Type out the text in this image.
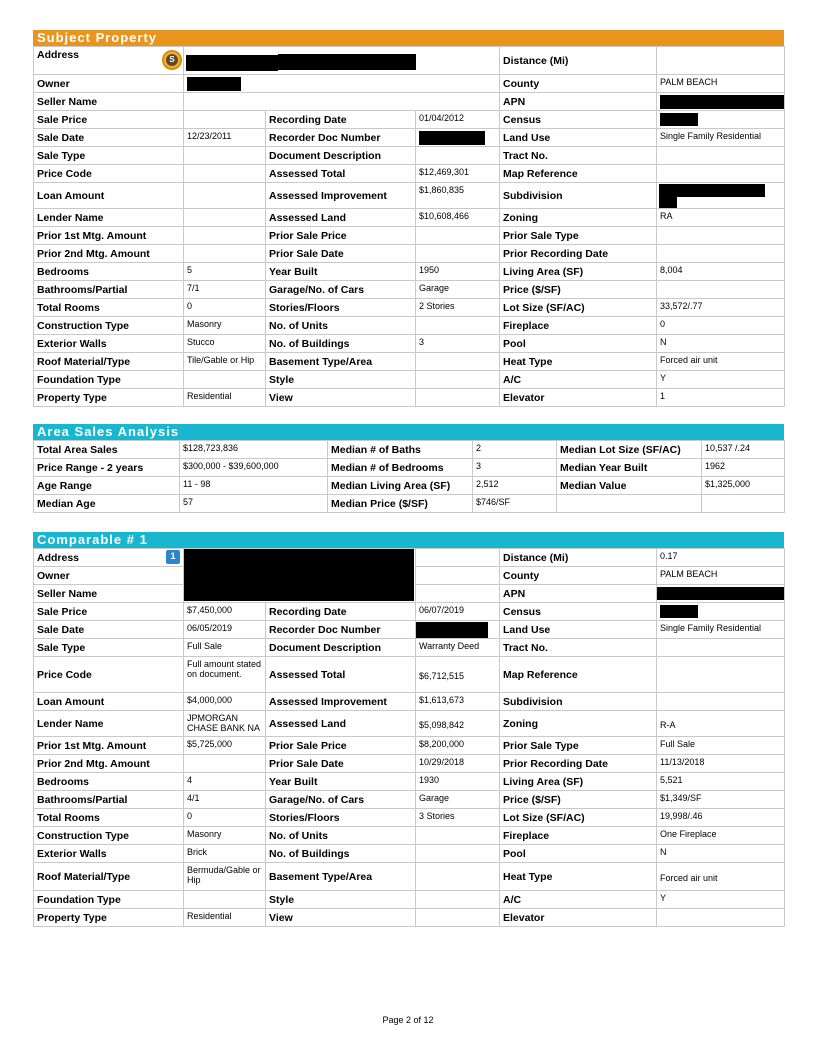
Subject Property
Address S				Distance (Mi)	
Owner				County	PALM BEACH
Seller Name				APN	
Sale Price		Recording Date	01/04/2012	Census	
Sale Date	12/23/2011	Recorder Doc Number		Land Use	Single Family Residential
Sale Type		Document Description		Tract No.	
Price Code		Assessed Total	$12,469,301	Map Reference	
Loan Amount		Assessed Improvement	$1,860,835	Subdivision	

Lender Name		Assessed Land	$10,608,466	Zoning	RA
Prior 1st Mtg. Amount		Prior Sale Price		Prior Sale Type	
Prior 2nd Mtg. Amount		Prior Sale Date		Prior Recording Date	
Bedrooms	5	Year Built	1950	Living Area (SF)	8,004
Bathrooms/Partial	7/1	Garage/No. of Cars	Garage	Price ($/SF)	
Total Rooms	0	Stories/Floors	2 Stories	Lot Size (SF/AC)	33,572/.77
Construction Type	Masonry	No. of Units		Fireplace	0
Exterior Walls	Stucco	No. of Buildings	3	Pool	N
Roof Material/Type	Tile/Gable or Hip	Basement Type/Area		Heat Type	Forced air unit
Foundation Type		Style		A/C	Y
Property Type	Residential	View		Elevator	1
Area Sales Analysis
Total Area Sales	$128,723,836	Median # of Baths	2	Median Lot Size (SF/AC)	10,537 /.24
Price Range - 2 years	$300,000 - $39,600,000	Median # of Bedrooms	3	Median Year Built	1962
Age Range	11 - 98	Median Living Area (SF)	2,512	Median Value	$1,325,000
Median Age	57	Median Price ($/SF)	$746/SF		
Comparable # 1
Address 1				Distance (Mi)	0.17
Owner				County	PALM BEACH
Seller Name				APN	
Sale Price	$7,450,000	Recording Date	06/07/2019	Census	
Sale Date	06/05/2019	Recorder Doc Number		Land Use	Single Family Residential
Sale Type	Full Sale	Document Description	Warranty Deed	Tract No.	
Price Code	Full amount stated on document.	Assessed Total	$6,712,515	Map Reference	
Loan Amount	$4,000,000	Assessed Improvement	$1,613,673	Subdivision	
Lender Name	JPMORGAN CHASE BANK NA	Assessed Land	$5,098,842	Zoning	R-A
Prior 1st Mtg. Amount	$5,725,000	Prior Sale Price	$8,200,000	Prior Sale Type	Full Sale
Prior 2nd Mtg. Amount		Prior Sale Date	10/29/2018	Prior Recording Date	11/13/2018
Bedrooms	4	Year Built	1930	Living Area (SF)	5,521
Bathrooms/Partial	4/1	Garage/No. of Cars	Garage	Price ($/SF)	$1,349/SF
Total Rooms	0	Stories/Floors	3 Stories	Lot Size (SF/AC)	19,998/.46
Construction Type	Masonry	No. of Units		Fireplace	One Fireplace
Exterior Walls	Brick	No. of Buildings		Pool	N
Roof Material/Type	Bermuda/Gable or Hip	Basement Type/Area		Heat Type	Forced air unit
Foundation Type		Style		A/C	Y
Property Type	Residential	View		Elevator	
Page 2 of 12
